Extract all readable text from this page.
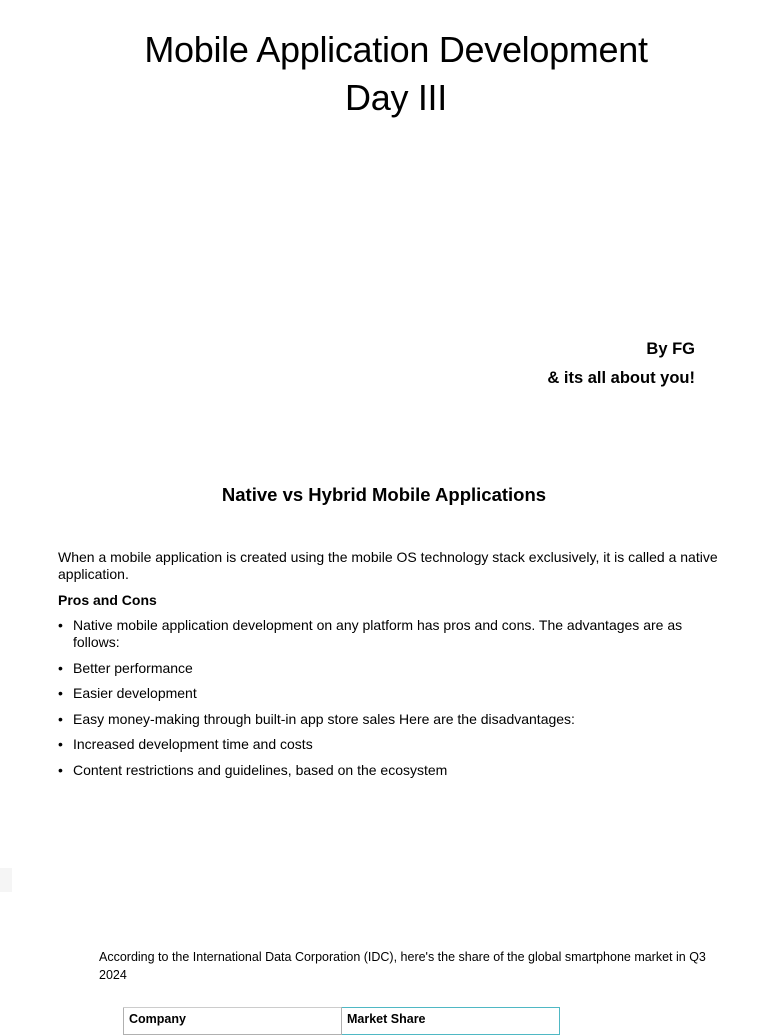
Mobile Application Development
Day III
By FG
& its all about you!
Native vs Hybrid Mobile Applications
When a mobile application is created using the mobile OS technology stack exclusively, it is called a native application.
Pros and Cons
• Native mobile application development on any platform has pros and cons. The advantages are as follows:
• Better performance
• Easier development
• Easy money-making through built-in app store sales Here are the disadvantages:
• Increased development time and costs
• Content restrictions and guidelines, based on the ecosystem
According to the International Data Corporation (IDC), here's the share of the global smartphone market in Q3 2024
Company	Market Share
